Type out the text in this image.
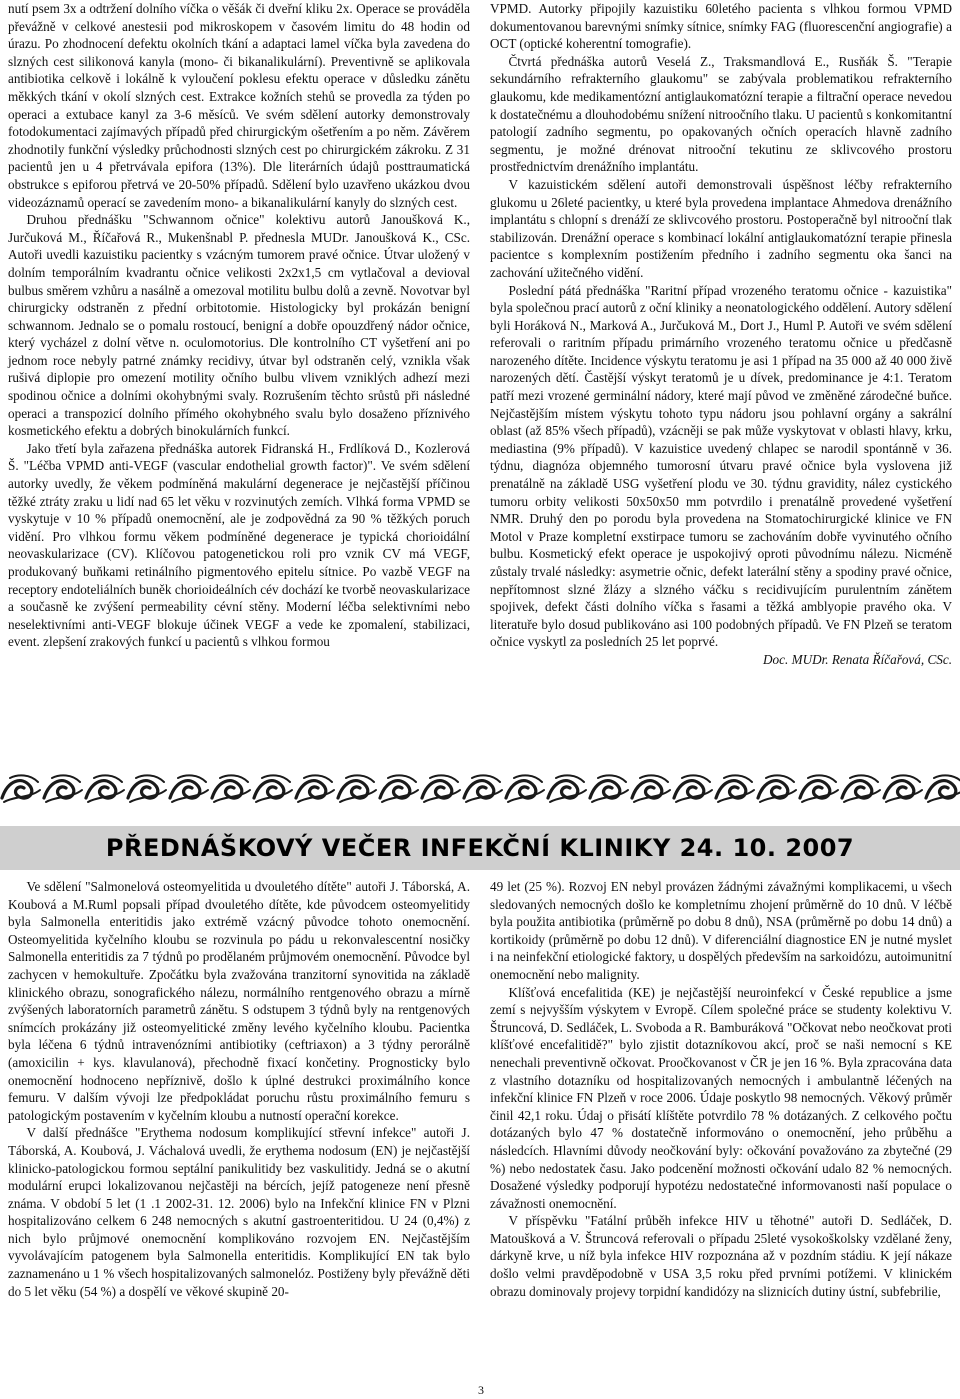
nutí psem 3x a odtržení dolního víčka o věšák či dveřní kliku 2x. Operace se prováděla převážně v celkové anestesii pod mikroskopem v časovém limitu do 48 hodin od úrazu. Po zhodnocení defektu okolních tkání a adaptaci lamel víčka byla zavedena do slzných cest silikonová kanyla (mono- či bikanalikulární). Preventivně se aplikovala antibiotika celkově i lokálně k vyloučení poklesu efektu operace v důsledku zánětu měkkých tkání v okolí slzných cest. Extrakce kožních stehů se provedla za týden po operaci a extubace kanyl za 3-6 měsíců. Ve svém sdělení autorky demonstrovaly fotodokumentaci zajímavých případů před chirurgickým ošetřením a po něm. Závěrem zhodnotily funkční výsledky průchodnosti slzných cest po chirurgickém zákroku. Z 31 pacientů jen u 4 přetrvávala epifora (13%). Dle literárních údajů posttraumatická obstrukce s epiforou přetrvá ve 20-50% případů. Sdělení bylo uzavřeno ukázkou dvou videozáznamů operací se zavedením mono- a bikanalikulární kanyly do slzných cest.

Druhou přednášku "Schwannom očnice" kolektivu autorů Janoušková K., Jurčuková M., Říčařová R., Mukenšnabl P. přednesla MUDr. Janoušková K., CSc. Autoři uvedli kazuistiku pacientky s vzácným tumorem pravé očnice. Útvar uložený v dolním temporálním kvadrantu očnice velikosti 2x2x1,5 cm vytlačoval a devioval bulbus směrem vzhůru a nasálně a omezoval motilitu bulbu dolů a zevně. Novotvar byl chirurgicky odstraněn z přední orbitotomie. Histologicky byl prokázán benigní schwannom. Jednalo se o pomalu rostoucí, benigní a dobře opouzdřený nádor očnice, který vycházel z dolní větve n. oculomotorius. Dle kontrolního CT vyšetření ani po jednom roce nebyly patrné známky recidivy, útvar byl odstraněn celý, vznikla však rušivá diplopie pro omezení motility očního bulbu vlivem vzniklých adhezí mezi spodinou očnice a dolními okohybnými svaly. Rozrušením těchto srůstů při následné operaci a transpozicí dolního přímého okohybného svalu bylo dosaženo příznivého kosmetického efektu a dobrých binokulárních funkcí.

Jako třetí byla zařazena přednáška autorek Fidranská H., Frdlíková D., Kozlerová Š. "Léčba VPMD anti-VEGF (vascular endothelial growth factor)". Ve svém sdělení autorky uvedly, že věkem podmíněná makulární degenerace je nejčastější příčinou těžké ztráty zraku u lidí nad 65 let věku v rozvinutých zemích. Vlhká forma VPMD se vyskytuje v 10 % případů onemocnění, ale je zodpovědná za 90 % těžkých poruch vidění. Pro vlhkou formu věkem podmíněné degenerace je typická chorioidální neovaskularizace (CV). Klíčovou patogenetickou roli pro vznik CV má VEGF, produkovaný buňkami retinálního pigmentového epitelu sítnice. Po vazbě VEGF na receptory endoteliálních buněk chorioideálních cév dochází ke tvorbě neovaskularizace a současně ke zvýšení permeability cévní stěny. Moderní léčba selektivními nebo neselektivními anti-VEGF blokuje účinek VEGF a vede ke zpomalení, stabilizaci, event. zlepšení zrakových funkcí u pacientů s vlhkou formou

VPMD. Autorky připojily kazuistiku 60letého pacienta s vlhkou formou VPMD dokumentovanou barevnými snímky sítnice, snímky FAG (fluorescenční angiografie) a OCT (optické koherentní tomografie).

Čtvrtá přednáška autorů Veselá Z., Traksmandlová E., Rusňák Š. "Terapie sekundárního refrakterního glaukomu" se zabývala problematikou refrakterního glaukomu, kde medikamentózní antiglaukomatózní terapie a filtrační operace nevedou k dostatečnému a dlouhodobému snížení nitroočního tlaku. U pacientů s konkomitantní patologií zadního segmentu, po opakovaných očních operacích hlavně zadního segmentu, je možné drénovat nitrooční tekutinu ze sklivcového prostoru prostřednictvím drenážního implantátu.

V kazuistickém sdělení autoři demonstrovali úspěšnost léčby refrakterního glukomu u 26leté pacientky, u které byla provedena implantace Ahmedova drenážního implantátu s chlopní s drenáží ze sklivcového prostoru. Postoperačně byl nitrooční tlak stabilizován. Drenážní operace s kombinací lokální antiglaukomatózní terapie přinesla pacientce s komplexním postižením předního i zadního segmentu oka šanci na zachování užitečného vidění.

Poslední pátá přednáška "Raritní případ vrozeného teratomu očnice - kazuistika" byla společnou prací autorů z oční kliniky a neonatologického oddělení. Autory sdělení byli Horáková N., Marková A., Jurčuková M., Dort J., Huml P. Autoři ve svém sdělení referovali o raritním případu primárního vrozeného teratomu očnice u předčasně narozeného dítěte. Incidence výskytu teratomu je asi 1 případ na 35 000 až 40 000 živě narozených dětí. Častější výskyt teratomů je u dívek, predominance je 4:1. Teratom patří mezi vrozené germinální nádory, které mají původ ve změněné zárodečné buňce. Nejčastějším místem výskytu tohoto typu nádoru jsou pohlavní orgány a sakrální oblast (až 85% všech případů), vzácněji se pak může vyskytovat v oblasti hlavy, krku, mediastina (9% případů). V kazuistice uvedený chlapec se narodil spontánně v 36. týdnu, diagnóza objemného tumorosní útvaru pravé očnice byla vyslovena již prenatálně na základě USG vyšetření plodu ve 30. týdnu gravidity, nález cystického tumoru orbity velikosti 50x50x50 mm potvrdilo i prenatálně provedené vyšetření NMR. Druhý den po porodu byla provedena na Stomatochirurgické klinice ve FN Motol v Praze kompletní exstirpace tumoru se zachováním dobře vyvinutého očního bulbu. Kosmetický efekt operace je uspokojivý oproti původnímu nálezu. Nicméně zůstaly trvalé následky: asymetrie očnic, defekt laterální stěny a spodiny pravé očnice, nepřítomnost slzné žlázy a slzného váčku s recidivujícím purulentním zánětem spojivek, defekt části dolního víčka s řasami a těžká amblyopie pravého oka. V literatuře bylo dosud publikováno asi 100 podobných případů. Ve FN Plzeň se teratom očnice vyskytl za posledních 25 let poprvé.

Doc. MUDr. Renata Říčařová, CSc.

PŘEDNÁŠKOVÝ VEČER INFEKČNÍ KLINIKY 24. 10. 2007

Ve sdělení "Salmonelová osteomyelitida u dvouletého dítěte" autoři J. Táborská, A. Koubová a M.Ruml popsali případ dvouletého dítěte, kde původcem osteomyelitidy byla Salmonella enteritidis jako extrémě vzácný původce tohoto onemocnění. Osteomyelitida kyčelního kloubu se rozvinula po pádu u rekonvalescentní nosičky Salmonella enteritidis za 7 týdnů po prodělaném průjmovém onemocnění. Původce byl zachycen v hemokultuře. Zpočátku byla zvažována tranzitorní synovitida na základě klinického obrazu, sonografického nálezu, normálního rentgenového obrazu a mírně zvýšených laboratorních parametrů zánětu. S odstupem 3 týdnů byly na rentgenových snímcích prokázány již osteomyelitické změny levého kyčelního kloubu. Pacientka byla léčena 6 týdnů intravenózními antibiotiky (ceftriaxon) a 3 týdny perorálně (amoxicilin + kys. klavulanová), přechodně fixací končetiny. Prognosticky bylo onemocnění hodnoceno nepříznivě, došlo k úplné destrukci proximálního konce femuru. V dalším vývoji lze předpokládat poruchu růstu proximálního femuru s patologickým postavením v kyčelním kloubu a nutností operační korekce.

V další přednášce "Erythema nodosum komplikující střevní infekce" autoři J. Táborská, A. Koubová, J. Váchalová uvedli, že erythema nodosum (EN) je nejčastější klinicko-patologickou formou septální panikulitidy bez vaskulitidy. Jedná se o akutní modulární erupci lokalizovanou nejčastěji na bércích, jejíž patogeneze není přesně známa. V období 5 let (1 .1 2002-31. 12. 2006) bylo na Infekční klinice FN v Plzni hospitalizováno celkem 6 248 nemocných s akutní gastroenteritidou. U 24 (0,4%) z nich bylo průjmové onemocnění komplikováno rozvojem EN. Nejčastějším vyvolávajícím patogenem byla Salmonella enteritidis. Komplikující EN tak bylo zaznamenáno u 1 % všech hospitalizovaných salmonelóz. Postiženy byly převážně děti do 5 let věku (54 %) a dospělí ve věkové skupině 20-

49 let (25 %). Rozvoj EN nebyl provázen žádnými závažnými komplikacemi, u všech sledovaných nemocných došlo ke kompletnímu zhojení průměrně do 10 dnů. V léčbě byla použita antibiotika (průměrně po dobu 8 dnů), NSA (průměrně po dobu 14 dnů) a kortikoidy (průměrně po dobu 12 dnů). V diferenciální diagnostice EN je nutné myslet i na neinfekční etiologické faktory, u dospělých především na sarkoidózu, autoimunitní onemocnění nebo malignity.

Klíšťová encefalitida (KE) je nejčastější neuroinfekcí v České republice a jsme zemí s nejvyšším výskytem v Evropě. Cílem společné práce se studenty kolektivu V. Štruncová, D. Sedláček, L. Svoboda a R. Bamburáková "Očkovat nebo neočkovat proti klíšťové encefalitidě?" bylo zjistit dotazníkovou akcí, proč se naši nemocní s KE nenechali preventivně očkovat. Proočkovanost v ČR je jen 16 %. Byla zpracována data z vlastního dotazníku od hospitalizovaných nemocných i ambulantně léčených na infekční klinice FN Plzeň v roce 2006. Údaje poskytlo 98 nemocných. Věkový průměr činil 42,1 roku. Údaj o přisátí klíštěte potvrdilo 78 % dotázaných. Z celkového počtu dotázaných bylo 47 % dostatečně informováno o onemocnění, jeho průběhu a následcích. Hlavními důvody neočkování byly: očkování považováno za zbytečné (29 %) nebo nedostatek času. Jako podcenění možnosti očkování udalo 82 % nemocných. Dosažené výsledky podporují hypotézu nedostatečné informovanosti naší populace o závažnosti onemocnění.

V příspěvku "Fatální průběh infekce HIV u těhotné" autoři D. Sedláček, D. Matoušková a V. Štruncová referovali o případu 25leté vysokoškolsky vzdělané ženy, dárkyně krve, u níž byla infekce HIV rozpoznána až v pozdním stádiu. K její nákaze došlo velmi pravděpodobně v USA 3,5 roku před prvními potížemi. V klinickém obrazu dominovaly projevy torpidní kandidózy na sliznicích dutiny ústní, subfebrilie,

3
